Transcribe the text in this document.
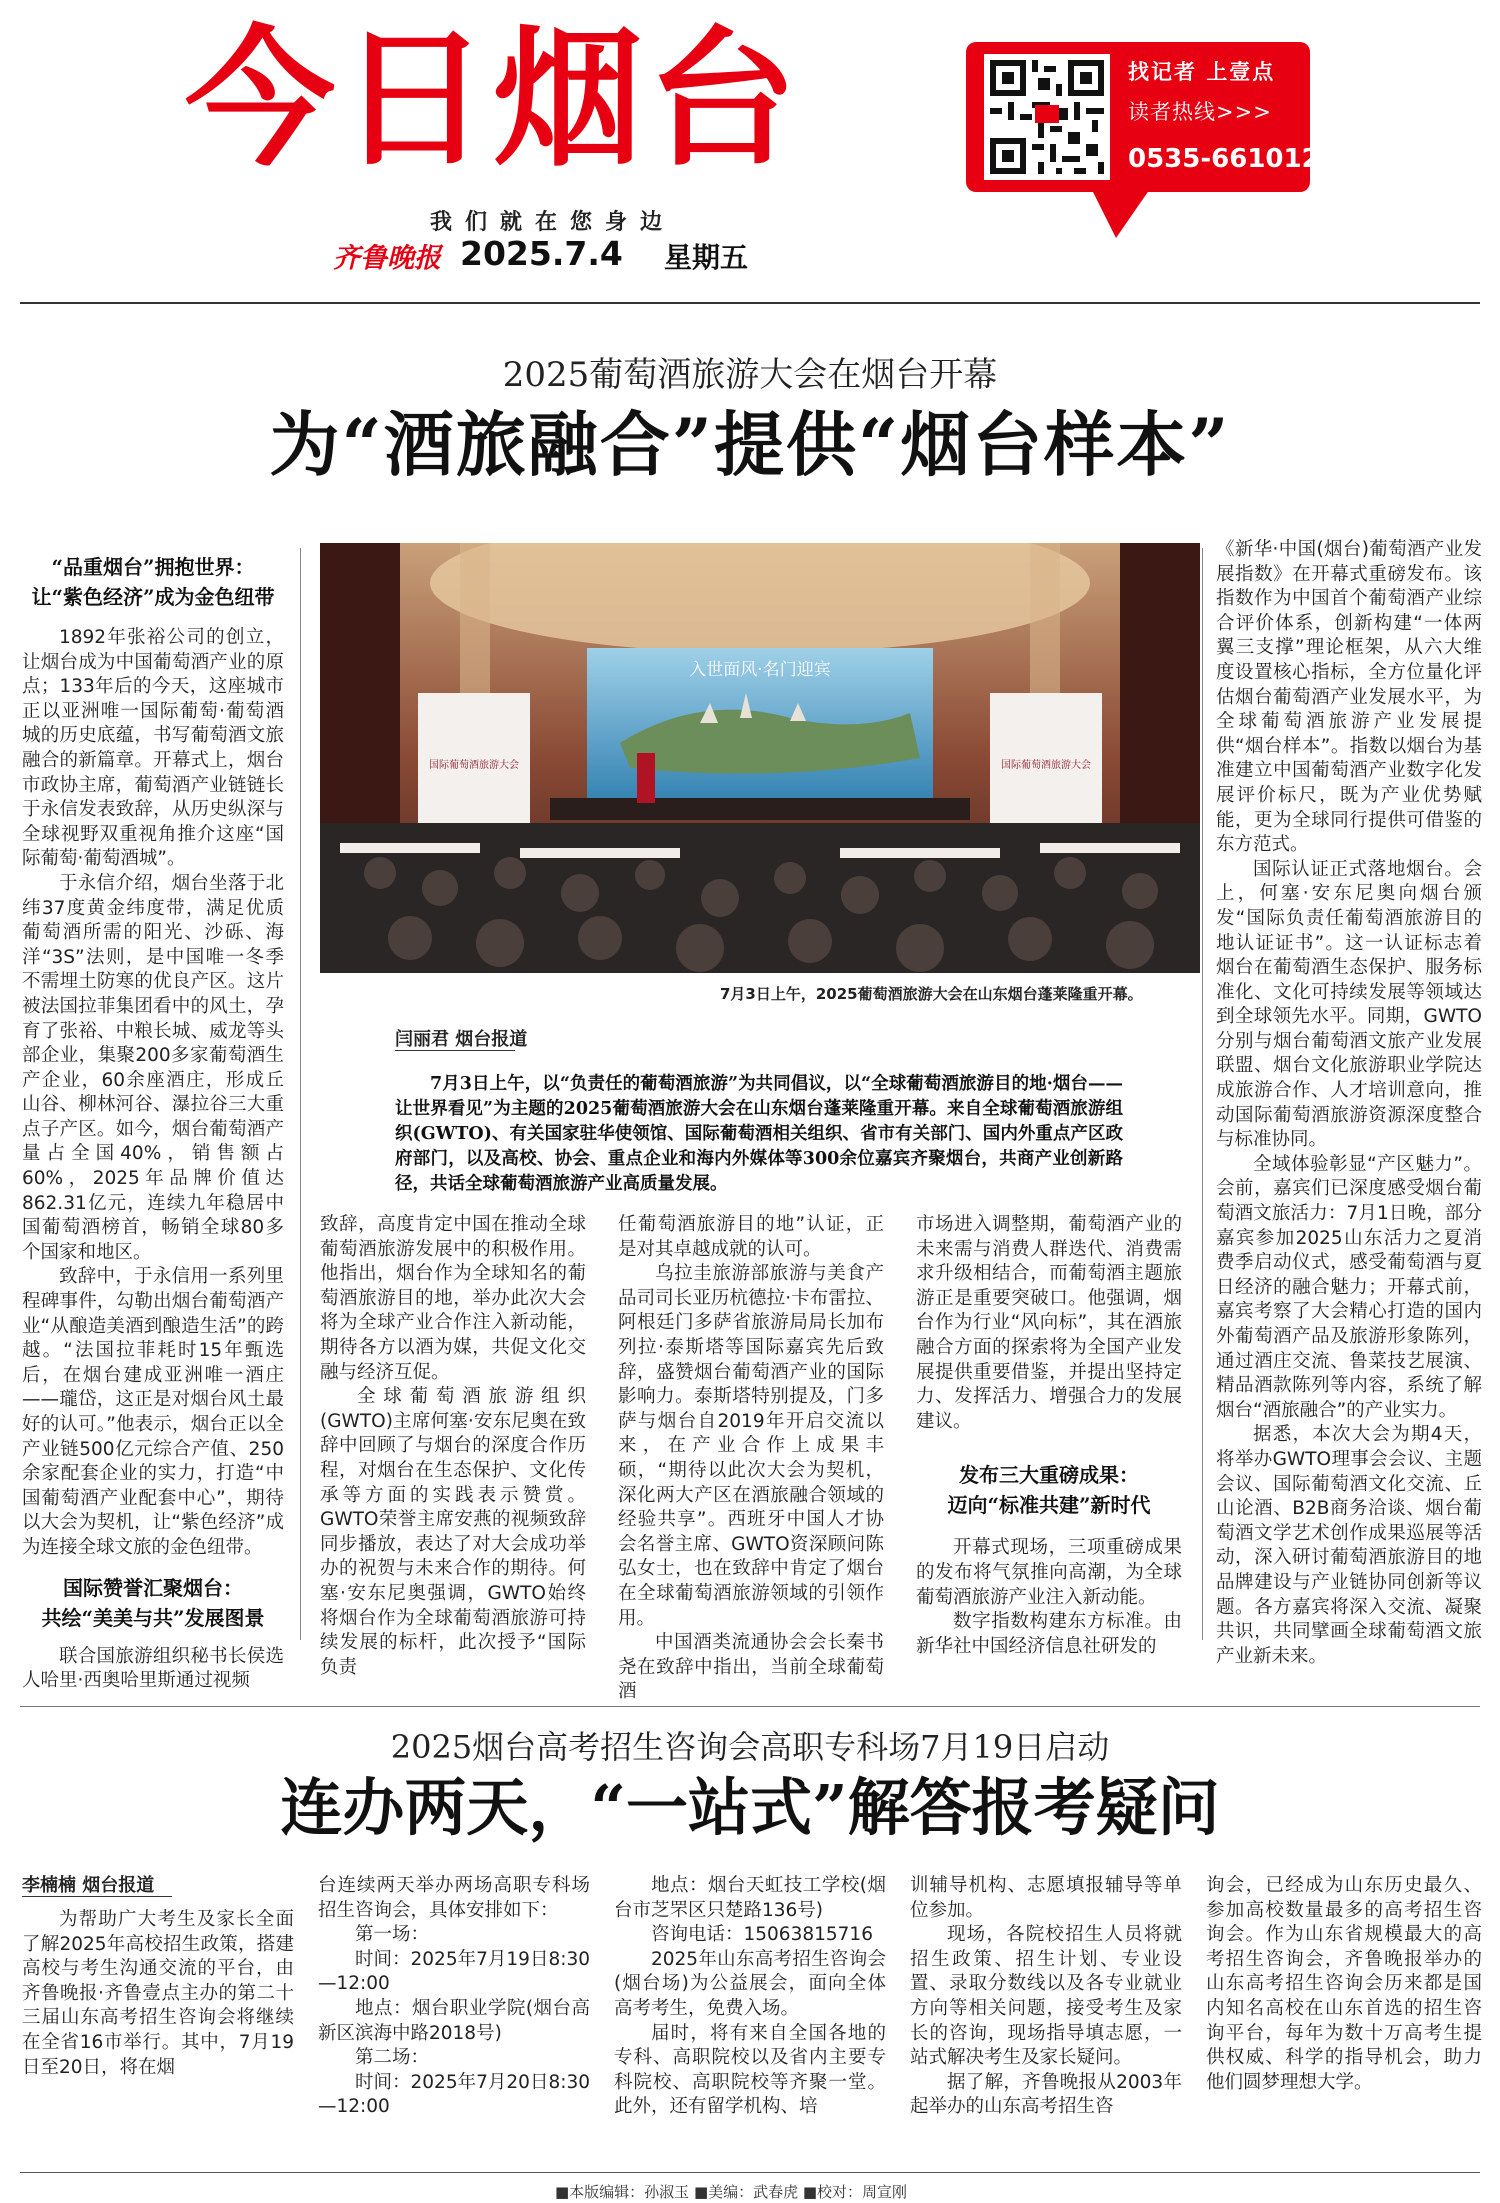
今日烟台
我们就在您身边
齐鲁晚报 2025.7.4 星期五
找记者 上壹点
读者热线>>>
0535-6610123
2025葡萄酒旅游大会在烟台开幕
为“酒旅融合”提供“烟台样本”
“品重烟台”拥抱世界：
让“紫色经济”成为金色纽带

1892年张裕公司的创立，让烟台成为中国葡萄酒产业的原点；133年后的今天，这座城市正以亚洲唯一国际葡萄·葡萄酒城的历史底蕴，书写葡萄酒文旅融合的新篇章。开幕式上，烟台市政协主席，葡萄酒产业链链长于永信发表致辞，从历史纵深与全球视野双重视角推介这座“国际葡萄·葡萄酒城”。

于永信介绍，烟台坐落于北纬37度黄金纬度带，满足优质葡萄酒所需的阳光、沙砾、海洋“3S”法则，是中国唯一冬季不需埋土防寒的优良产区。这片被法国拉菲集团看中的风土，孕育了张裕、中粮长城、威龙等头部企业，集聚200多家葡萄酒生产企业，60余座酒庄，形成丘山谷、柳林河谷、瀑拉谷三大重点子产区。如今，烟台葡萄酒产量占全国40%，销售额占60%，2025年品牌价值达862.31亿元，连续九年稳居中国葡萄酒榜首，畅销全球80多个国家和地区。

致辞中，于永信用一系列里程碑事件，勾勒出烟台葡萄酒产业“从酿造美酒到酿造生活”的跨越。“法国拉菲耗时15年甄选后，在烟台建成亚洲唯一酒庄——瓏岱，这正是对烟台风土最好的认可。”他表示，烟台正以全产业链500亿元综合产值、250余家配套企业的实力，打造“中国葡萄酒产业配套中心”，期待以大会为契机，让“紫色经济”成为连接全球文旅的金色纽带。

国际赞誉汇聚烟台：
共绘“美美与共”发展图景

联合国旅游组织秘书长侯选人哈里·西奥哈里斯通过视频

入世面风·名门迎宾
国际葡萄酒旅游大会	国际葡萄酒旅游大会
7月3日上午，2025葡萄酒旅游大会在山东烟台蓬莱隆重开幕。
闫丽君 烟台报道

7月3日上午，以“负责任的葡萄酒旅游”为共同倡议，以“全球葡萄酒旅游目的地·烟台——让世界看见”为主题的2025葡萄酒旅游大会在山东烟台蓬莱隆重开幕。来自全球葡萄酒旅游组织(GWTO)、有关国家驻华使领馆、国际葡萄酒相关组织、省市有关部门、国内外重点产区政府部门，以及高校、协会、重点企业和海内外媒体等300余位嘉宾齐聚烟台，共商产业创新路径，共话全球葡萄酒旅游产业高质量发展。

致辞，高度肯定中国在推动全球葡萄酒旅游发展中的积极作用。他指出，烟台作为全球知名的葡萄酒旅游目的地，举办此次大会将为全球产业合作注入新动能，期待各方以酒为媒，共促文化交融与经济互促。

全球葡萄酒旅游组织(GWTO)主席何塞·安东尼奥在致辞中回顾了与烟台的深度合作历程，对烟台在生态保护、文化传承等方面的实践表示赞赏。GWTO荣誉主席安燕的视频致辞同步播放，表达了对大会成功举办的祝贺与未来合作的期待。何塞·安东尼奥强调，GWTO始终将烟台作为全球葡萄酒旅游可持续发展的标杆，此次授予“国际负责

任葡萄酒旅游目的地”认证，正是对其卓越成就的认可。

乌拉圭旅游部旅游与美食产品司司长亚历杭德拉·卡布雷拉、阿根廷门多萨省旅游局局长加布列拉·泰斯塔等国际嘉宾先后致辞，盛赞烟台葡萄酒产业的国际影响力。泰斯塔特别提及，门多萨与烟台自2019年开启交流以来，在产业合作上成果丰硕，“期待以此次大会为契机，深化两大产区在酒旅融合领域的经验共享”。西班牙中国人才协会名誉主席、GWTO资深顾问陈弘女士，也在致辞中肯定了烟台在全球葡萄酒旅游领域的引领作用。

中国酒类流通协会会长秦书尧在致辞中指出，当前全球葡萄酒

市场进入调整期，葡萄酒产业的未来需与消费人群迭代、消费需求升级相结合，而葡萄酒主题旅游正是重要突破口。他强调，烟台作为行业“风向标”，其在酒旅融合方面的探索将为全国产业发展提供重要借鉴，并提出坚持定力、发挥活力、增强合力的发展建议。

发布三大重磅成果：
迈向“标准共建”新时代

开幕式现场，三项重磅成果的发布将气氛推向高潮，为全球葡萄酒旅游产业注入新动能。

数字指数构建东方标准。由新华社中国经济信息社研发的

《新华·中国(烟台)葡萄酒产业发展指数》在开幕式重磅发布。该指数作为中国首个葡萄酒产业综合评价体系，创新构建“一体两翼三支撑”理论框架，从六大维度设置核心指标，全方位量化评估烟台葡萄酒产业发展水平，为全球葡萄酒旅游产业发展提供“烟台样本”。指数以烟台为基准建立中国葡萄酒产业数字化发展评价标尺，既为产业优势赋能，更为全球同行提供可借鉴的东方范式。

国际认证正式落地烟台。会上，何塞·安东尼奥向烟台颁发“国际负责任葡萄酒旅游目的地认证证书”。这一认证标志着烟台在葡萄酒生态保护、服务标准化、文化可持续发展等领域达到全球领先水平。同期，GWTO分别与烟台葡萄酒文旅产业发展联盟、烟台文化旅游职业学院达成旅游合作、人才培训意向，推动国际葡萄酒旅游资源深度整合与标准协同。

全域体验彰显“产区魅力”。会前，嘉宾们已深度感受烟台葡萄酒文旅活力：7月1日晚，部分嘉宾参加2025山东活力之夏消费季启动仪式，感受葡萄酒与夏日经济的融合魅力；开幕式前，嘉宾考察了大会精心打造的国内外葡萄酒产品及旅游形象陈列，通过酒庄交流、鲁菜技艺展演、精品酒款陈列等内容，系统了解烟台“酒旅融合”的产业实力。

据悉，本次大会为期4天，将举办GWTO理事会会议、主题会议、国际葡萄酒文化交流、丘山论酒、B2B商务洽谈、烟台葡萄酒文学艺术创作成果巡展等活动，深入研讨葡萄酒旅游目的地品牌建设与产业链协同创新等议题。各方嘉宾将深入交流、凝聚共识，共同擘画全球葡萄酒文旅产业新未来。

2025烟台高考招生咨询会高职专科场7月19日启动
连办两天，“一站式”解答报考疑问
李楠楠 烟台报道

为帮助广大考生及家长全面了解2025年高校招生政策，搭建高校与考生沟通交流的平台，由齐鲁晚报·齐鲁壹点主办的第二十三届山东高考招生咨询会将继续在全省16市举行。其中，7月19日至20日，将在烟

台连续两天举办两场高职专科场招生咨询会，具体安排如下：

第一场：

时间：2025年7月19日8:30—12:00

地点：烟台职业学院(烟台高新区滨海中路2018号)

第二场：

时间：2025年7月20日8:30—12:00

地点：烟台天虹技工学校(烟台市芝罘区只楚路136号)

咨询电话：15063815716

2025年山东高考招生咨询会(烟台场)为公益展会，面向全体高考考生，免费入场。

届时，将有来自全国各地的专科、高职院校以及省内主要专科院校、高职院校等齐聚一堂。此外，还有留学机构、培

训辅导机构、志愿填报辅导等单位参加。

现场，各院校招生人员将就招生政策、招生计划、专业设置、录取分数线以及各专业就业方向等相关问题，接受考生及家长的咨询，现场指导填志愿，一站式解决考生及家长疑问。

据了解，齐鲁晚报从2003年起举办的山东高考招生咨

询会，已经成为山东历史最久、参加高校数量最多的高考招生咨询会。作为山东省规模最大的高考招生咨询会，齐鲁晚报举办的山东高考招生咨询会历来都是国内知名高校在山东首选的招生咨询平台，每年为数十万高考生提供权威、科学的指导机会，助力他们圆梦理想大学。

■本版编辑：孙淑玉 ■美编：武春虎 ■校对：周宣刚
